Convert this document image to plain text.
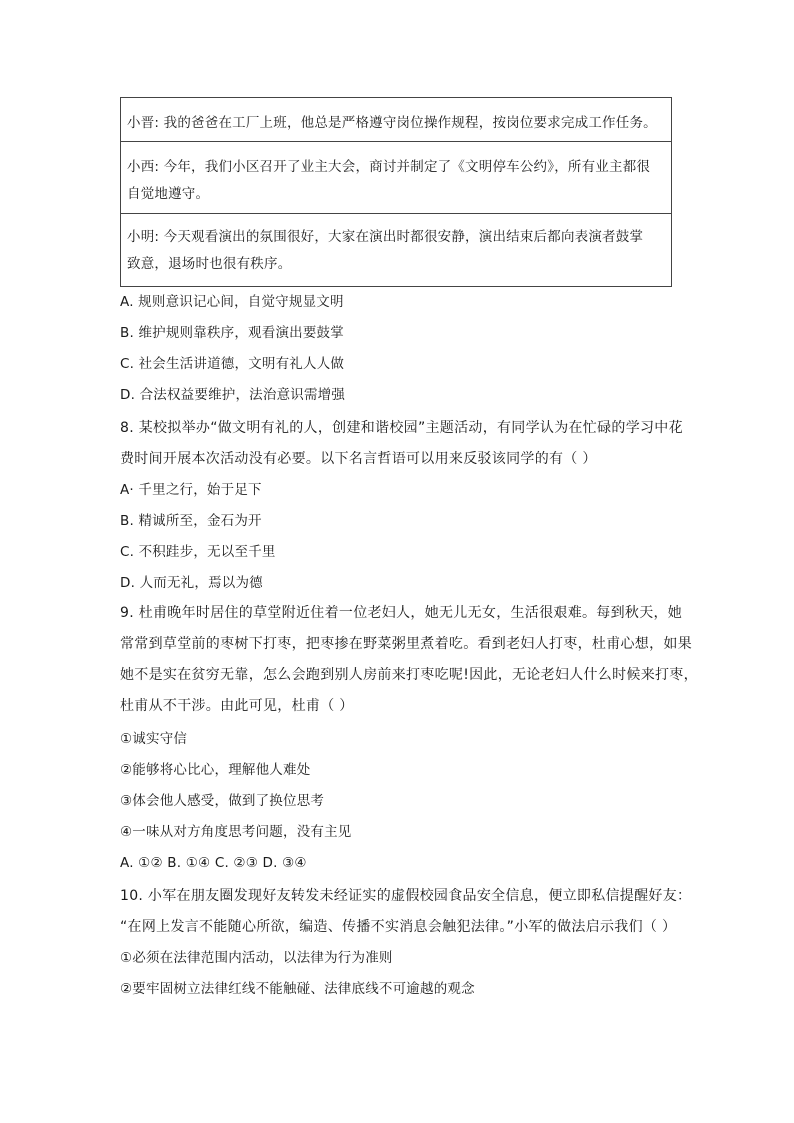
小晋: 我的爸爸在工厂上班，他总是严格遵守岗位操作规程，按岗位要求完成工作任务。
小西: 今年，我们小区召开了业主大会，商讨并制定了《文明停车公约》，所有业主都很
自觉地遵守。
小明: 今天观看演出的氛围很好，大家在演出时都很安静，演出结束后都向表演者鼓掌
致意，退场时也很有秩序。
A. 规则意识记心间，自觉守规显文明
B. 维护规则靠秩序，观看演出要鼓掌
C. 社会生活讲道德，文明有礼人人做
D. 合法权益要维护，法治意识需增强
8. 某校拟举办“做文明有礼的人，创建和谐校园”主题活动，有同学认为在忙碌的学习中花
费时间开展本次活动没有必要。以下名言哲语可以用来反驳该同学的有（ ）
A· 千里之行，始于足下
B. 精诚所至，金石为开
C. 不积跬步，无以至千里
D. 人而无礼，焉以为德
9. 杜甫晚年时居住的草堂附近住着一位老妇人，她无儿无女，生活很艰难。每到秋天，她
常常到草堂前的枣树下打枣，把枣掺在野菜粥里煮着吃。看到老妇人打枣，杜甫心想，如果
她不是实在贫穷无靠，怎么会跑到别人房前来打枣吃呢!因此，无论老妇人什么时候来打枣，
杜甫从不干涉。由此可见，杜甫（ ）
①诚实守信
②能够将心比心，理解他人难处
③体会他人感受，做到了换位思考
④一味从对方角度思考问题，没有主见
A. ①② B. ①④ C. ②③ D. ③④
10. 小军在朋友圈发现好友转发未经证实的虚假校园食品安全信息，便立即私信提醒好友：
“在网上发言不能随心所欲，编造、传播不实消息会触犯法律。”小军的做法启示我们（ ）
①必须在法律范围内活动，以法律为行为准则
②要牢固树立法律红线不能触碰、法律底线不可逾越的观念
